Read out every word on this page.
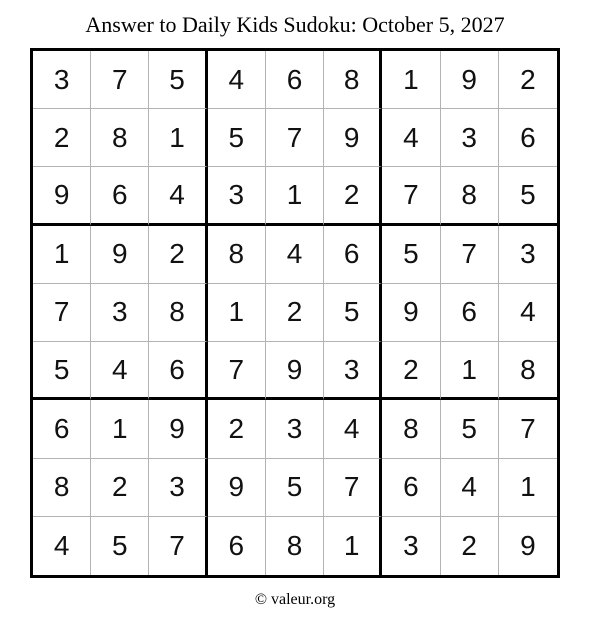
Answer to Daily Kids Sudoku: October 5, 2027
3	7	5	4	6	8	1	9	2
2	8	1	5	7	9	4	3	6
9	6	4	3	1	2	7	8	5
1	9	2	8	4	6	5	7	3
7	3	8	1	2	5	9	6	4
5	4	6	7	9	3	2	1	8
6	1	9	2	3	4	8	5	7
8	2	3	9	5	7	6	4	1
4	5	7	6	8	1	3	2	9
© valeur.org
